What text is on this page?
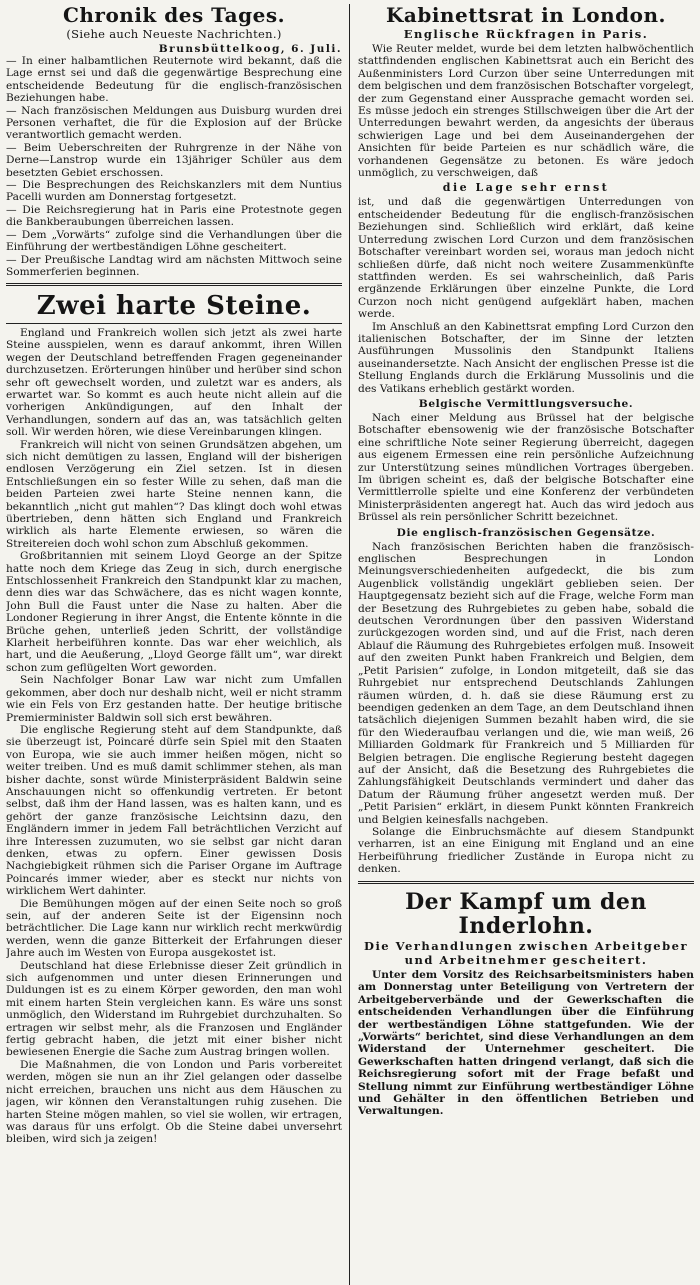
Chronik des Tages.
(Siehe auch Neueste Nachrichten.)
Brunsbüttelkoog, 6. Juli.

— In einer halbamtlichen Reuternote wird bekannt, daß die Lage ernst sei und daß die gegenwärtige Besprechung eine entscheidende Bedeutung für die englisch-französischen Beziehungen habe.

— Nach französischen Meldungen aus Duisburg wurden drei Personen verhaftet, die für die Explosion auf der Brücke verantwortlich gemacht werden.

— Beim Ueberschreiten der Ruhrgrenze in der Nähe von Derne—Lanstrop wurde ein 13jähriger Schüler aus dem besetzten Gebiet erschossen.

— Die Besprechungen des Reichskanzlers mit dem Nuntius Pacelli wurden am Donnerstag fortgesetzt.

— Die Reichsregierung hat in Paris eine Protestnote gegen die Bankberaubungen überreichen lassen.

— Dem „Vorwärts“ zufolge sind die Verhandlungen über die Einführung der wertbeständigen Löhne gescheitert.

— Der Preußische Landtag wird am nächsten Mittwoch seine Sommerferien beginnen.

Zwei harte Steine.

England und Frankreich wollen sich jetzt als zwei harte Steine ausspielen, wenn es darauf ankommt, ihren Willen wegen der Deutschland betreffenden Fragen gegeneinander durchzusetzen. Erörterungen hinüber und herüber sind schon sehr oft gewechselt worden, und zuletzt war es anders, als erwartet war. So kommt es auch heute nicht allein auf die vorherigen Ankündigungen, auf den Inhalt der Verhandlungen, sondern auf das an, was tatsächlich gelten soll. Wir werden hören, wie diese Vereinbarungen klingen.

Frankreich will nicht von seinen Grundsätzen abgehen, um sich nicht demütigen zu lassen, England will der bisherigen endlosen Verzögerung ein Ziel setzen. Ist in diesen Entschließungen ein so fester Wille zu sehen, daß man die beiden Parteien zwei harte Steine nennen kann, die bekanntlich „nicht gut mahlen“? Das klingt doch wohl etwas übertrieben, denn hätten sich England und Frankreich wirklich als harte Elemente erwiesen, so wären die Streitereien doch wohl schon zum Abschluß gekommen.

Großbritannien mit seinem Lloyd George an der Spitze hatte noch dem Kriege das Zeug in sich, durch energische Entschlossenheit Frankreich den Standpunkt klar zu machen, denn dies war das Schwächere, das es nicht wagen konnte, John Bull die Faust unter die Nase zu halten. Aber die Londoner Regierung in ihrer Angst, die Entente könnte in die Brüche gehen, unterließ jeden Schritt, der vollständige Klarheit herbeiführen konnte. Das war eher weichlich, als hart, und die Aeußerung, „Lloyd George fällt um“, war direkt schon zum geflügelten Wort geworden.

Sein Nachfolger Bonar Law war nicht zum Umfallen gekommen, aber doch nur deshalb nicht, weil er nicht stramm wie ein Fels von Erz gestanden hatte. Der heutige britische Premierminister Baldwin soll sich erst bewähren.

Die englische Regierung steht auf dem Standpunkte, daß sie überzeugt ist, Poincaré dürfe sein Spiel mit den Staaten von Europa, wie sie auch immer heißen mögen, nicht so weiter treiben. Und es muß damit schlimmer stehen, als man bisher dachte, sonst würde Ministerpräsident Baldwin seine Anschauungen nicht so offenkundig vertreten. Er betont selbst, daß ihm der Hand lassen, was es halten kann, und es gehört der ganze französische Leichtsinn dazu, den Engländern immer in jedem Fall beträchtlichen Verzicht auf ihre Interessen zuzumuten, wo sie selbst gar nicht daran denken, etwas zu opfern. Einer gewissen Dosis Nachgiebigkeit rühmen sich die Pariser Organe im Auftrage Poincarés immer wieder, aber es steckt nur nichts von wirklichem Wert dahinter.

Die Bemühungen mögen auf der einen Seite noch so groß sein, auf der anderen Seite ist der Eigensinn noch beträchtlicher. Die Lage kann nur wirklich recht merkwürdig werden, wenn die ganze Bitterkeit der Erfahrungen dieser Jahre auch im Westen von Europa ausgekostet ist.

Deutschland hat diese Erlebnisse dieser Zeit gründlich in sich aufgenommen und unter diesen Erinnerungen und Duldungen ist es zu einem Körper geworden, den man wohl mit einem harten Stein vergleichen kann. Es wäre uns sonst unmöglich, den Widerstand im Ruhrgebiet durchzuhalten. So ertragen wir selbst mehr, als die Franzosen und Engländer fertig gebracht haben, die jetzt mit einer bisher nicht bewiesenen Energie die Sache zum Austrag bringen wollen.

Die Maßnahmen, die von London und Paris vorbereitet werden, mögen sie nun an ihr Ziel gelangen oder dasselbe nicht erreichen, brauchen uns nicht aus dem Häuschen zu jagen, wir können den Veranstaltungen ruhig zusehen. Die harten Steine mögen mahlen, so viel sie wollen, wir ertragen, was daraus für uns erfolgt. Ob die Steine dabei unversehrt bleiben, wird sich ja zeigen!

Kabinettsrat in London.
Englische Rückfragen in Paris.

Wie Reuter meldet, wurde bei dem letzten halbwöchentlich stattfindenden englischen Kabinettsrat auch ein Bericht des Außenministers Lord Curzon über seine Unterredungen mit dem belgischen und dem französischen Botschafter vorgelegt, der zum Gegenstand einer Aussprache gemacht worden sei. Es müsse jedoch ein strenges Stillschweigen über die Art der Unterredungen bewahrt werden, da angesichts der überaus schwierigen Lage und bei dem Auseinandergehen der Ansichten für beide Parteien es nur schädlich wäre, die vorhandenen Gegensätze zu betonen. Es wäre jedoch unmöglich, zu verschweigen, daß

die Lage sehr ernst

ist, und daß die gegenwärtigen Unterredungen von entscheidender Bedeutung für die englisch-französischen Beziehungen sind. Schließlich wird erklärt, daß keine Unterredung zwischen Lord Curzon und dem französischen Botschafter vereinbart worden sei, woraus man jedoch nicht schließen dürfe, daß nicht noch weitere Zusammenkünfte stattfinden werden. Es sei wahrscheinlich, daß Paris ergänzende Erklärungen über einzelne Punkte, die Lord Curzon noch nicht genügend aufgeklärt haben, machen werde.

Im Anschluß an den Kabinettsrat empfing Lord Curzon den italienischen Botschafter, der im Sinne der letzten Ausführungen Mussolinis den Standpunkt Italiens auseinandersetzte. Nach Ansicht der englischen Presse ist die Stellung Englands durch die Erklärung Mussolinis und die des Vatikans erheblich gestärkt worden.

Belgische Vermittlungsversuche.

Nach einer Meldung aus Brüssel hat der belgische Botschafter ebensowenig wie der französische Botschafter eine schriftliche Note seiner Regierung überreicht, dagegen aus eigenem Ermessen eine rein persönliche Aufzeichnung zur Unterstützung seines mündlichen Vortrages übergeben. Im übrigen scheint es, daß der belgische Botschafter eine Vermittlerrolle spielte und eine Konferenz der verbündeten Ministerpräsidenten angeregt hat. Auch das wird jedoch aus Brüssel als rein persönlicher Schritt bezeichnet.

Die englisch-französischen Gegensätze.

Nach französischen Berichten haben die französisch-englischen Besprechungen in London Meinungsverschiedenheiten aufgedeckt, die bis zum Augenblick vollständig ungeklärt geblieben seien. Der Hauptgegensatz bezieht sich auf die Frage, welche Form man der Besetzung des Ruhrgebietes zu geben habe, sobald die deutschen Verordnungen über den passiven Widerstand zurückgezogen worden sind, und auf die Frist, nach deren Ablauf die Räumung des Ruhrgebietes erfolgen muß. Insoweit auf den zweiten Punkt haben Frankreich und Belgien, dem „Petit Parisien“ zufolge, in London mitgeteilt, daß sie das Ruhrgebiet nur entsprechend Deutschlands Zahlungen räumen würden, d. h. daß sie diese Räumung erst zu beendigen gedenken an dem Tage, an dem Deutschland ihnen tatsächlich diejenigen Summen bezahlt haben wird, die sie für den Wiederaufbau verlangen und die, wie man weiß, 26 Milliarden Goldmark für Frankreich und 5 Milliarden für Belgien betragen. Die englische Regierung besteht dagegen auf der Ansicht, daß die Besetzung des Ruhrgebietes die Zahlungsfähigkeit Deutschlands vermindert und daher das Datum der Räumung früher angesetzt werden muß. Der „Petit Parisien“ erklärt, in diesem Punkt könnten Frankreich und Belgien keinesfalls nachgeben.

Solange die Einbruchsmächte auf diesem Standpunkt verharren, ist an eine Einigung mit England und an eine Herbeiführung friedlicher Zustände in Europa nicht zu denken.

Der Kampf um den Inderlohn.
Die Verhandlungen zwischen Arbeitgeber und Arbeitnehmer gescheitert.

Unter dem Vorsitz des Reichsarbeitsministers haben am Donnerstag unter Beteiligung von Vertretern der Arbeitgeberverbände und der Gewerkschaften die entscheidenden Verhandlungen über die Einführung der wertbeständigen Löhne stattgefunden. Wie der „Vorwärts“ berichtet, sind diese Verhandlungen an dem Widerstand der Unternehmer gescheitert. Die Gewerkschaften hatten dringend verlangt, daß sich die Reichsregierung sofort mit der Frage befaßt und Stellung nimmt zur Einführung wertbeständiger Löhne und Gehälter in den öffentlichen Betrieben und Verwaltungen.
